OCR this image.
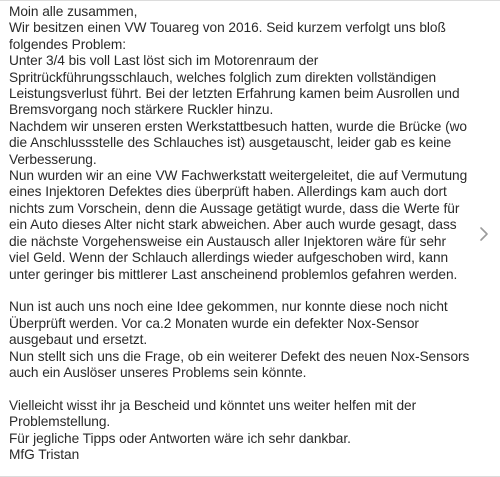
Moin alle zusammen,
Wir besitzen einen VW Touareg von 2016. Seid kurzem verfolgt uns bloß
folgendes Problem:
Unter 3/4 bis voll Last löst sich im Motorenraum der
Spritrückführungsschlauch, welches folglich zum direkten vollständigen
Leistungsverlust führt. Bei der letzten Erfahrung kamen beim Ausrollen und
Bremsvorgang noch stärkere Ruckler hinzu.
Nachdem wir unseren ersten Werkstattbesuch hatten, wurde die Brücke (wo
die Anschlussstelle des Schlauches ist) ausgetauscht, leider gab es keine
Verbesserung.
Nun wurden wir an eine VW Fachwerkstatt weitergeleitet, die auf Vermutung
eines Injektoren Defektes dies überprüft haben. Allerdings kam auch dort
nichts zum Vorschein, denn die Aussage getätigt wurde, dass die Werte für
ein Auto dieses Alter nicht stark abweichen. Aber auch wurde gesagt, dass
die nächste Vorgehensweise ein Austausch aller Injektoren wäre für sehr
viel Geld. Wenn der Schlauch allerdings wieder aufgeschoben wird, kann
unter geringer bis mittlerer Last anscheinend problemlos gefahren werden.
Nun ist auch uns noch eine Idee gekommen, nur konnte diese noch nicht
Überprüft werden. Vor ca.2 Monaten wurde ein defekter Nox-Sensor
ausgebaut und ersetzt.
Nun stellt sich uns die Frage, ob ein weiterer Defekt des neuen Nox-Sensors
auch ein Auslöser unseres Problems sein könnte.
Vielleicht wisst ihr ja Bescheid und könntet uns weiter helfen mit der
Problemstellung.
Für jegliche Tipps oder Antworten wäre ich sehr dankbar.
MfG Tristan
